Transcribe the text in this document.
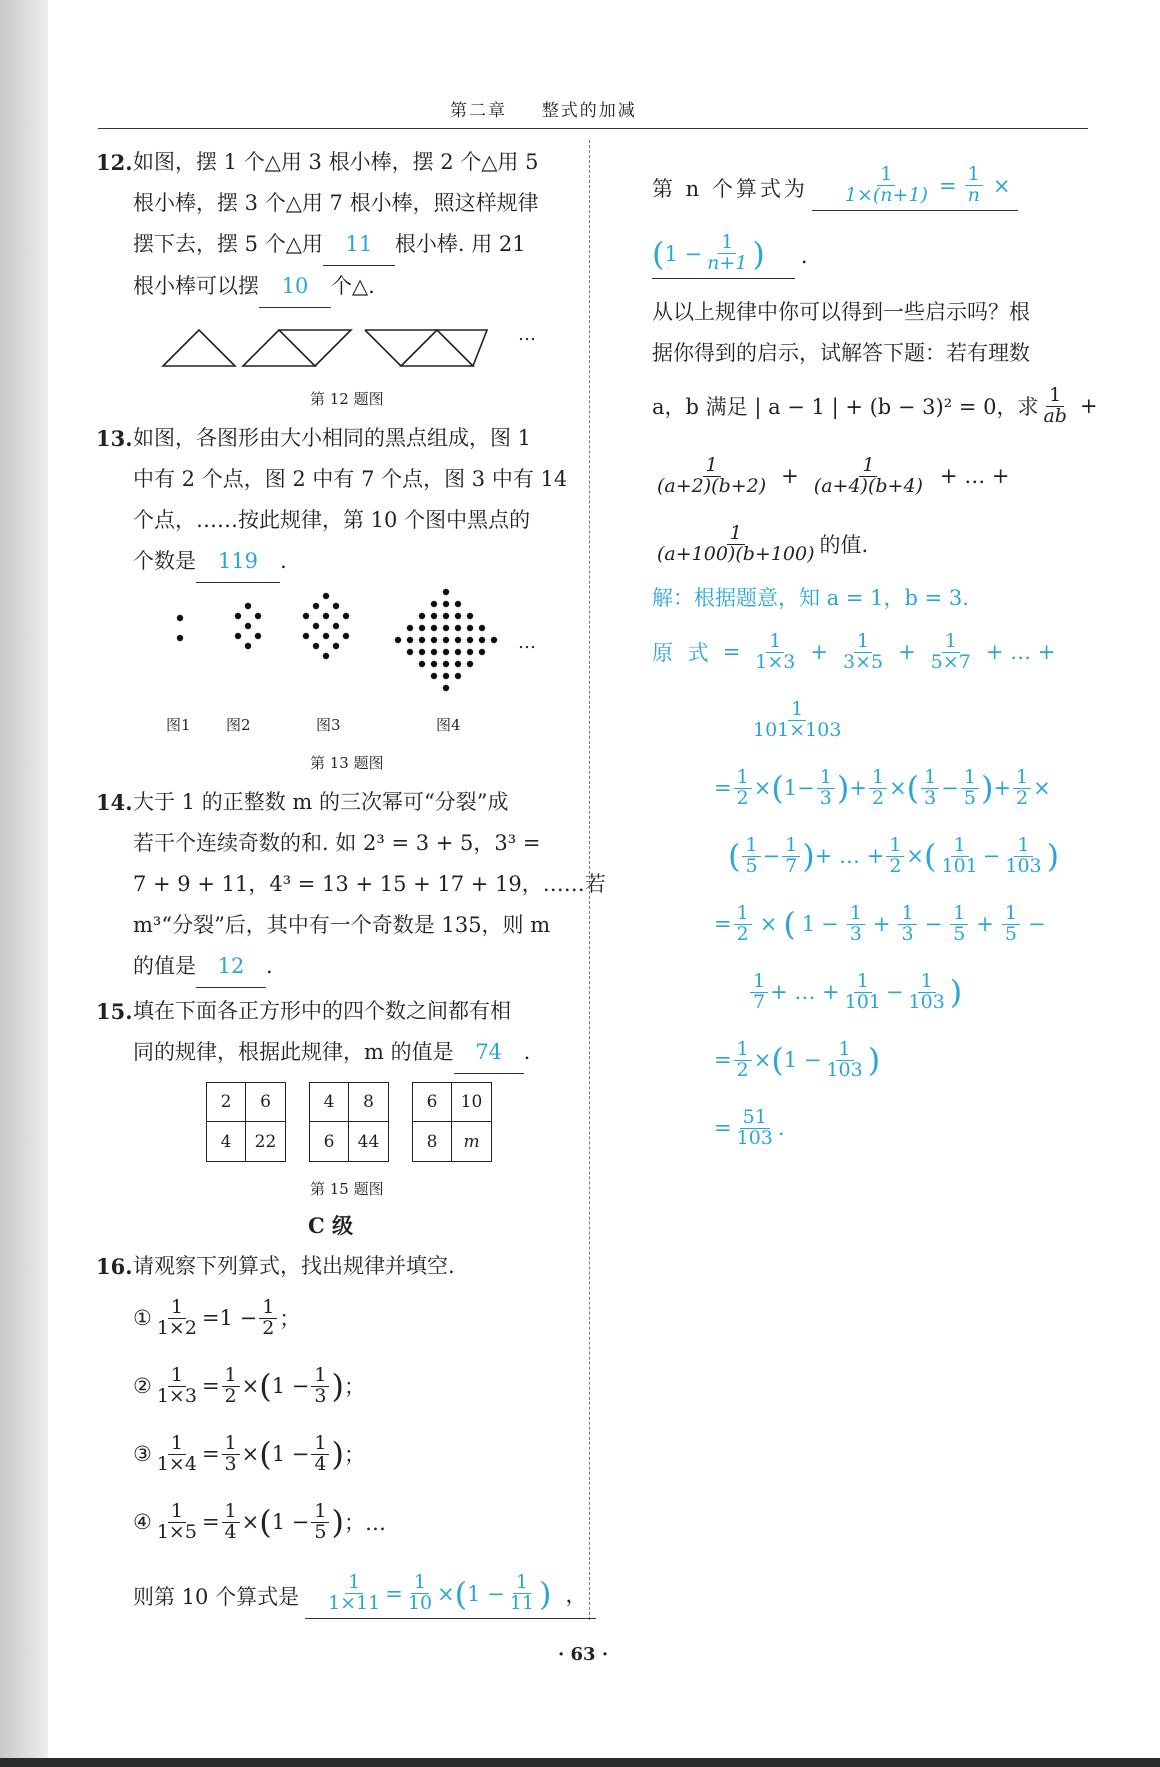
第二章 整式的加减
12. 如图，摆 1 个△用 3 根小棒，摆 2 个△用 5
根小棒，摆 3 个△用 7 根小棒，照这样规律
摆下去，摆 5 个△用 11 根小棒. 用 21
根小棒可以摆 10 个△.
…
第 12 题图
13. 如图，各图形由大小相同的黑点组成，图 1
中有 2 个点，图 2 中有 7 个点，图 3 中有 14
个点，……按此规律，第 10 个图中黑点的
个数是 119 .
…
图1 图2	图3	图4
第 13 题图
14. 大于 1 的正整数 m 的三次幂可“分裂”成
若干个连续奇数的和. 如 2³ = 3 + 5，3³ =
7 + 9 + 11，4³ = 13 + 15 + 17 + 19，……若
m³“分裂”后，其中有一个奇数是 135，则 m
的值是 12 .
15. 填在下面各正方形中的四个数之间都有相
同的规律，根据此规律，m 的值是 74 .
2	6
4	22
4	8
6	44
6	10
8	m
第 15 题图
C 级
16. 请观察下列算式，找出规律并填空.
① $\frac{1}{1\times 2} = 1 - \frac{1}{2}$ ；
② $\frac{1}{1\times 3} = \frac{1}{2}$ × ( $1 - \frac{1}{3}$ ) ；
③ $\frac{1}{1\times 4} = \frac{1}{3}$ × ( $1 - \frac{1}{4}$ ) ；
④ $\frac{1}{1\times 5} = \frac{1}{4}$ × ( $1 - \frac{1}{5}$ ) ；…
则第 10 个算式是 $\frac{1}{1\times 11} = \frac{1}{10}$ × ( $1 - \frac{1}{11}$ ) ，
第 n 个算式为 $\frac{1}{1\times(n+1)} = \frac{1}{n}$ ×
( $1 - \frac{1}{n+1}$ ) .
从以上规律中你可以得到一些启示吗？根
据你得到的启示，试解答下题：若有理数
a，b 满足 | a − 1 | + (b − 3)² = 0，求 $\frac{1}{ab}$ +
$\frac{1}{(a+2)(b+2)} + \frac{1}{(a+4)(b+4)}$ + … +
$\frac{1}{(a+100)(b+100)}$ 的值.
解：根据题意，知 a = 1，b = 3.
原 式 = $\frac{1}{1\times 3} + \frac{1}{3\times 5} + \frac{1}{5\times 7}$ + … +
$\frac{1}{101\times 103}$
= $\frac{1}{2}$ × ( $1 - \frac{1}{3}$ ) + $\frac{1}{2}$ × ( $\frac{1}{3} - \frac{1}{5}$ ) + $\frac{1}{2}$ ×
( $\frac{1}{5} - \frac{1}{7}$ ) + … + $\frac{1}{2}$ × ( $\frac{1}{101} - \frac{1}{103}$ )
= $\frac{1}{2}$ × ( $1 - \frac{1}{3} + \frac{1}{3} - \frac{1}{5} + \frac{1}{5}$ −
$\frac{1}{7}$ + … + $\frac{1}{101} - \frac{1}{103}$ )
= $\frac{1}{2}$ × ( $1 - \frac{1}{103}$ )
= $\frac{51}{103}$ .
· 63 ·
